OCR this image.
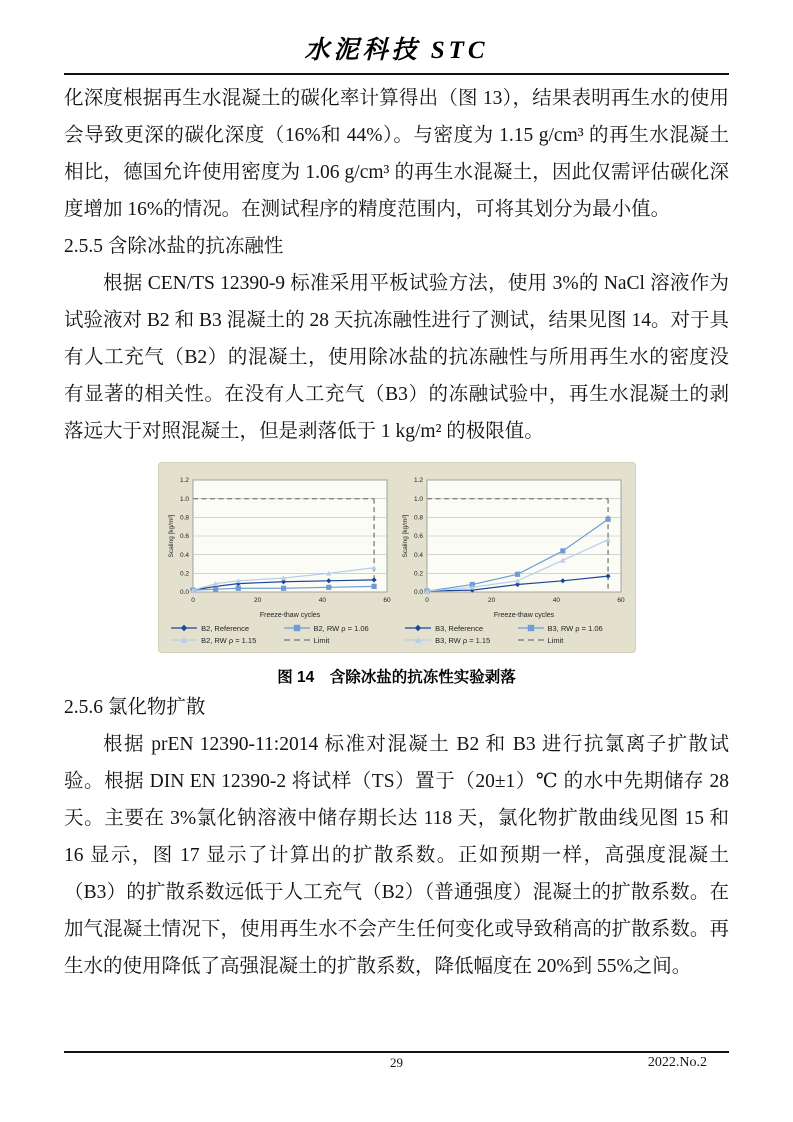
水泥科技 STC

化深度根据再生水混凝土的碳化率计算得出（图 13），结果表明再生水的使用会导致更深的碳化深度（16%和 44%）。与密度为 1.15 g/cm³ 的再生水混凝土相比，德国允许使用密度为 1.06 g/cm³ 的再生水混凝土，因此仅需评估碳化深度增加 16%的情况。在测试程序的精度范围内，可将其划分为最小值。

2.5.5 含除冰盐的抗冻融性

根据 CEN/TS 12390-9 标准采用平板试验方法，使用 3%的 NaCl 溶液作为试验液对 B2 和 B3 混凝土的 28 天抗冻融性进行了测试，结果见图 14。对于具有人工充气（B2）的混凝土，使用除冰盐的抗冻融性与所用再生水的密度没有显著的相关性。在没有人工充气（B3）的冻融试验中，再生水混凝土的剥落远大于对照混凝土，但是剥落低于 1 kg/m² 的极限值。

0.0
0.2
0.4
0.6
0.8
1.0
1.2
0	20	40	60
Freeze-thaw cycles
Scaling [kg/m²]
B2, Reference	B2, RW ρ = 1.06
B2, RW ρ = 1.15	Limit
0.0
0.2
0.4
0.6
0.8
1.0
1.2
0	20	40	60
Freeze-thaw cycles
Scaling [kg/m²]
B3, Reference	B3, RW ρ = 1.06
B3, RW ρ = 1.15	Limit
图 14　含除冰盐的抗冻性实验剥落
2.5.6 氯化物扩散

根据 prEN 12390-11:2014 标准对混凝土 B2 和 B3 进行抗氯离子扩散试验。根据 DIN EN 12390-2 将试样（TS）置于（20±1）℃ 的水中先期储存 28 天。主要在 3%氯化钠溶液中储存期长达 118 天，氯化物扩散曲线见图 15 和 16 显示，图 17 显示了计算出的扩散系数。正如预期一样，高强度混凝土（B3）的扩散系数远低于人工充气（B2）（普通强度）混凝土的扩散系数。在加气混凝土情况下，使用再生水不会产生任何变化或导致稍高的扩散系数。再生水的使用降低了高强混凝土的扩散系数，降低幅度在 20%到 55%之间。

29	2022.No.2
